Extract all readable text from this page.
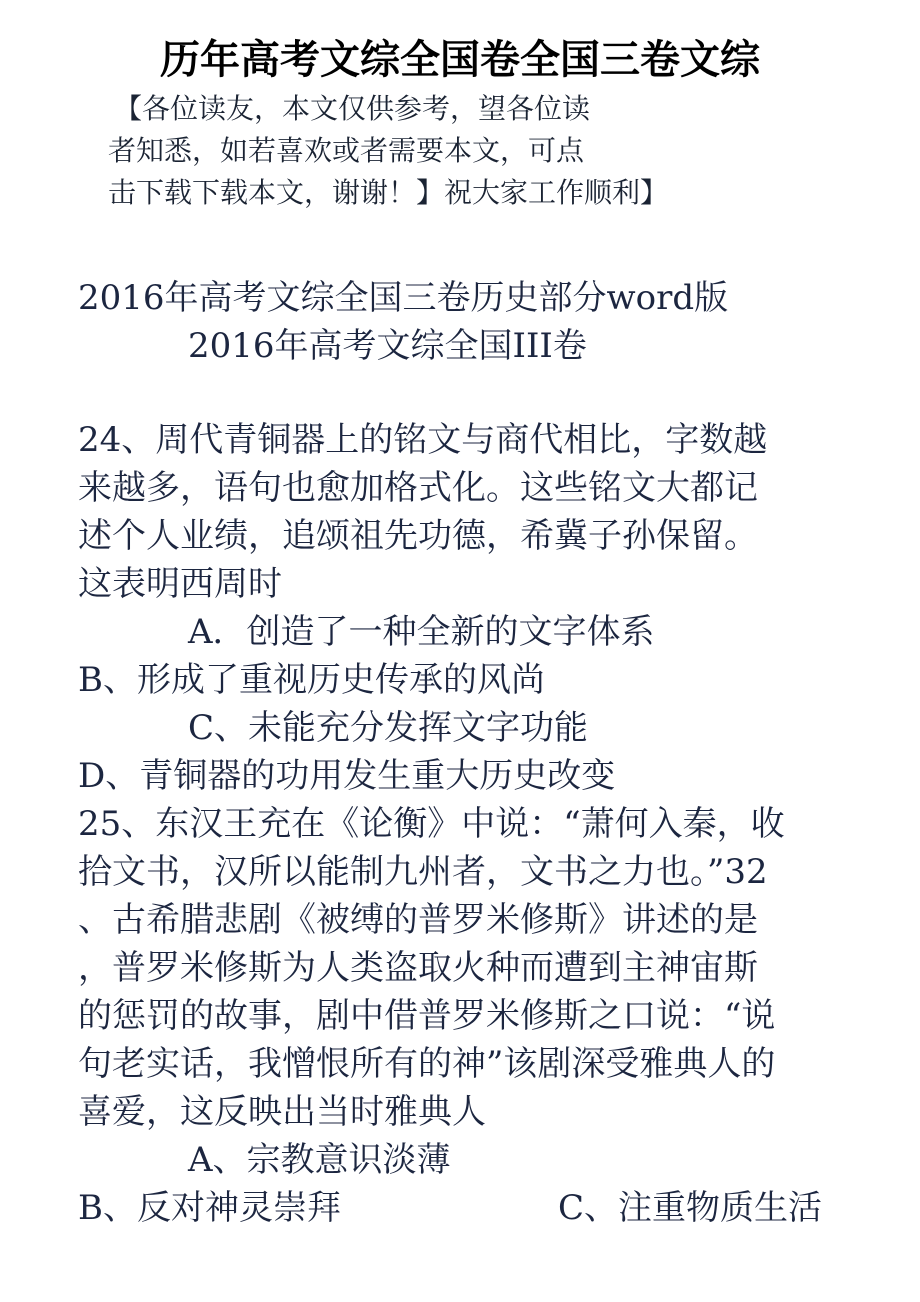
历年高考文综全国卷全国三卷文综
【各位读友，本文仅供参考，望各位读
者知悉，如若喜欢或者需要本文，可点
击下载下载本文，谢谢！】祝大家工作顺利】
2016年高考文综全国三卷历史部分word版
2016年高考文综全国III卷
24、周代青铜器上的铭文与商代相比，字数越
来越多，语句也愈加格式化。这些铭文大都记
述个人业绩，追颂祖先功德，希冀子孙保留。
这表明西周时
A．创造了一种全新的文字体系
B、形成了重视历史传承的风尚
C、未能充分发挥文字功能
D、青铜器的功用发生重大历史改变
25、东汉王充在《论衡》中说：“萧何入秦，收
拾文书，汉所以能制九州者，文书之力也。”32
、古希腊悲剧《被缚的普罗米修斯》讲述的是
，普罗米修斯为人类盗取火种而遭到主神宙斯
的惩罚的故事，剧中借普罗米修斯之口说：“说
句老实话，我憎恨所有的神”该剧深受雅典人的
喜爱，这反映出当时雅典人
A、宗教意识淡薄
B、反对神灵崇拜	C、注重物质生活
